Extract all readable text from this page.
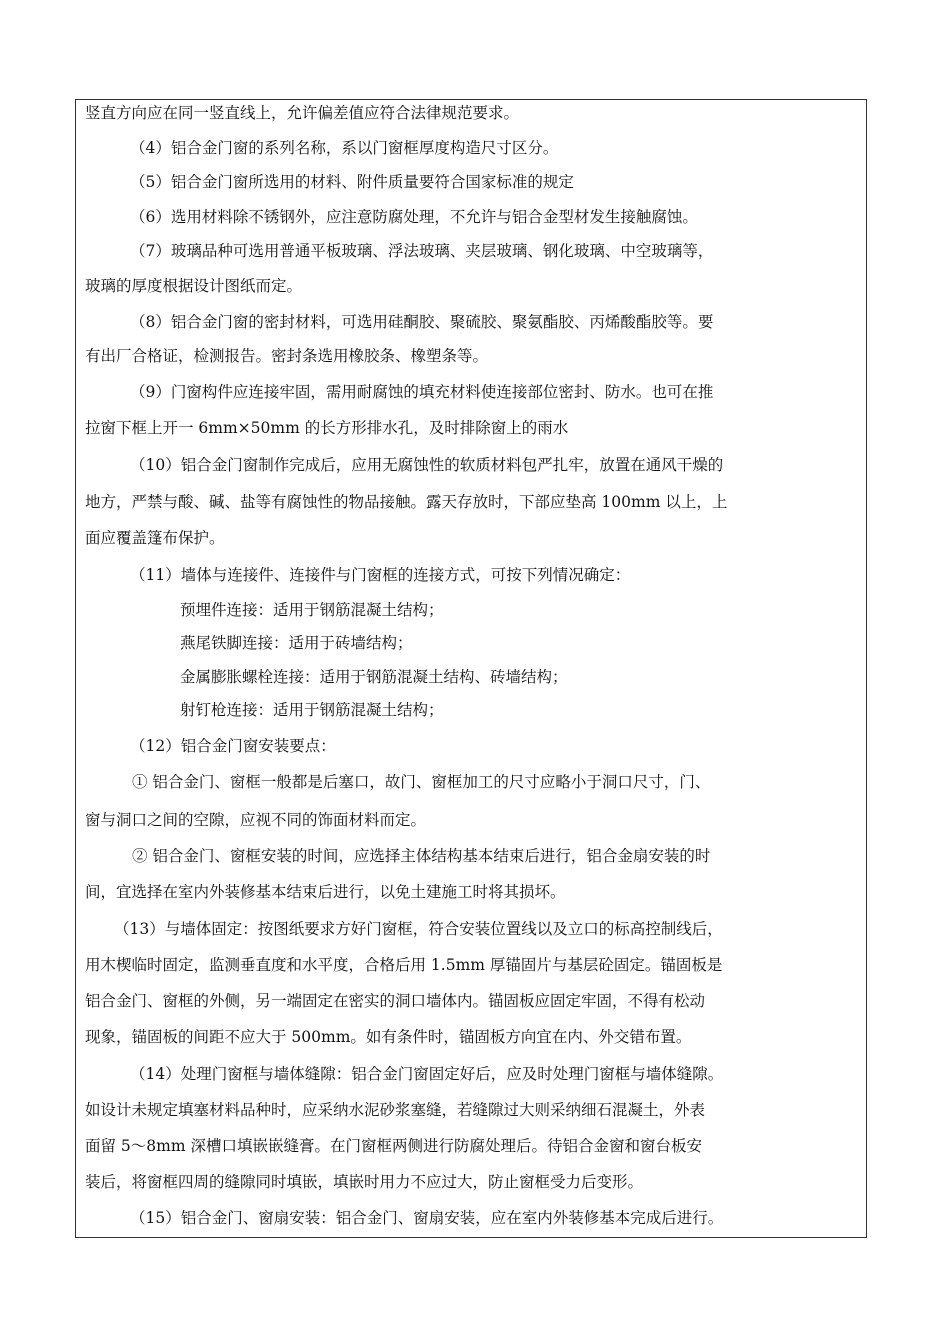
竖直方向应在同一竖直线上，允许偏差值应符合法律规范要求。
（4）铝合金门窗的系列名称，系以门窗框厚度构造尺寸区分。
（5）铝合金门窗所选用的材料、附件质量要符合国家标准的规定
（6）选用材料除不锈钢外，应注意防腐处理，不允许与铝合金型材发生接触腐蚀。
（7）玻璃品种可选用普通平板玻璃、浮法玻璃、夹层玻璃、钢化玻璃、中空玻璃等，
玻璃的厚度根据设计图纸而定。
（8）铝合金门窗的密封材料，可选用硅酮胶、聚硫胶、聚氨酯胶、丙烯酸酯胶等。要
有出厂合格证，检测报告。密封条选用橡胶条、橡塑条等。
（9）门窗构件应连接牢固，需用耐腐蚀的填充材料使连接部位密封、防水。也可在推
拉窗下框上开一 6mm×50mm 的长方形排水孔，及时排除窗上的雨水
（10）铝合金门窗制作完成后，应用无腐蚀性的软质材料包严扎牢，放置在通风干燥的
地方，严禁与酸、碱、盐等有腐蚀性的物品接触。露天存放时，下部应垫高 100mm 以上，上
面应覆盖篷布保护。
（11）墙体与连接件、连接件与门窗框的连接方式，可按下列情况确定：
预埋件连接：适用于钢筋混凝土结构；
燕尾铁脚连接：适用于砖墙结构；
金属膨胀螺栓连接：适用于钢筋混凝土结构、砖墙结构；
射钉枪连接：适用于钢筋混凝土结构；
（12）铝合金门窗安装要点：
① 铝合金门、窗框一般都是后塞口，故门、窗框加工的尺寸应略小于洞口尺寸，门、
窗与洞口之间的空隙，应视不同的饰面材料而定。
② 铝合金门、窗框安装的时间，应选择主体结构基本结束后进行，铝合金扇安装的时
间，宜选择在室内外装修基本结束后进行，以免土建施工时将其损坏。
（13）与墙体固定：按图纸要求方好门窗框，符合安装位置线以及立口的标高控制线后，
用木楔临时固定，监测垂直度和水平度，合格后用 1.5mm 厚锚固片与基层砼固定。锚固板是
铝合金门、窗框的外侧，另一端固定在密实的洞口墙体内。锚固板应固定牢固，不得有松动
现象，锚固板的间距不应大于 500mm。如有条件时，锚固板方向宜在内、外交错布置。
（14）处理门窗框与墙体缝隙：铝合金门窗固定好后，应及时处理门窗框与墙体缝隙。
如设计未规定填塞材料品种时，应采纳水泥砂浆塞缝，若缝隙过大则采纳细石混凝土，外表
面留 5～8mm 深槽口填嵌嵌缝膏。在门窗框两侧进行防腐处理后。待铝合金窗和窗台板安
装后，将窗框四周的缝隙同时填嵌，填嵌时用力不应过大，防止窗框受力后变形。
（15）铝合金门、窗扇安装：铝合金门、窗扇安装，应在室内外装修基本完成后进行。
